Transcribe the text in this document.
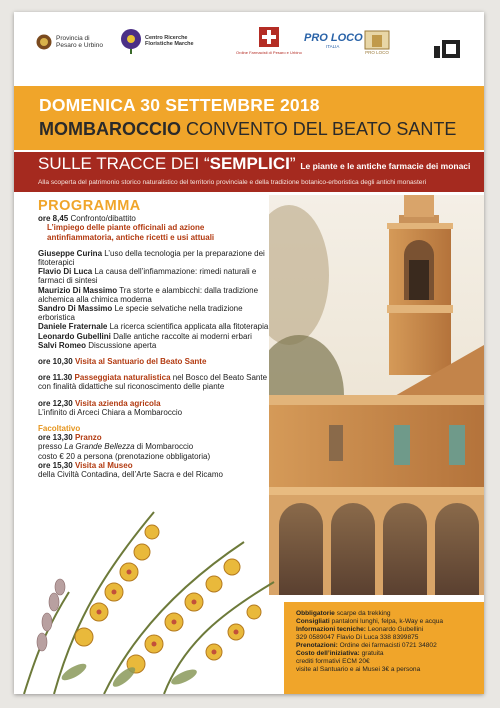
Provincia di
Pesaro e Urbino
Centro Ricerche
Floristiche Marche
Ordine Farmacisti di Pesaro e Urbino
PRO LOCO
ITALIA
PRO LOCO
DOMENICA 30 SETTEMBRE 2018
MOMBAROCCIO CONVENTO DEL BEATO SANTE
SULLE TRACCE DEI “SEMPLICI” Le piante e le antiche farmacie dei monaci
Alla scoperta del patrimonio storico naturalistico del territorio provinciale e della tradizione botanico-erboristica degli antichi monasteri
PROGRAMMA

ore 8,45 Confronto/dibattito

L’impiego delle piante officinali ad azione antinfiammatoria, antiche ricetti e usi attuali

Giuseppe Curina L’uso della tecnologia per la preparazione dei fitoterapici

Flavio Di Luca La causa dell’infiammazione: rimedi naturali e farmaci di sintesi

Maurizio Di Massimo Tra storte e alambicchi: dalla tradizione alchemica alla chimica moderna

Sandro Di Massimo Le specie selvatiche nella tradizione erboristica

Daniele Fraternale La ricerca scientifica applicata alla fitoterapia

Leonardo Gubellini Dalle antiche raccolte ai moderni erbari

Salvi Romeo Discussione aperta

ore 10,30 Visita al Santuario del Beato Sante

ore 11.30 Passeggiata naturalistica nel Bosco del Beato Sante con finalità didattiche sul riconoscimento delle piante

ore 12,30 Visita azienda agricola

L’infinito di Arceci Chiara a Mombaroccio

Facoltativo

ore 13,30 Pranzo

presso La Grande Bellezza di Mombaroccio

costo € 20 a persona (prenotazione obbligatoria)

ore 15,30 Visita al Museo

della Civiltà Contadina, dell’Arte Sacra e del Ricamo

Obbligatorie scarpe da trekking
Consigliati pantaloni lunghi, felpa, k-Way e acqua
Informazioni tecniche: Leonardo Gubellini
329 0589047 Flavio Di Luca 338 8399875
Prenotazioni: Ordine dei farmacisti 0721 34802
Costo dell’iniziativa: gratuita
crediti formativi ECM 20€
visite al Santuario e ai Musei 3€ a persona
